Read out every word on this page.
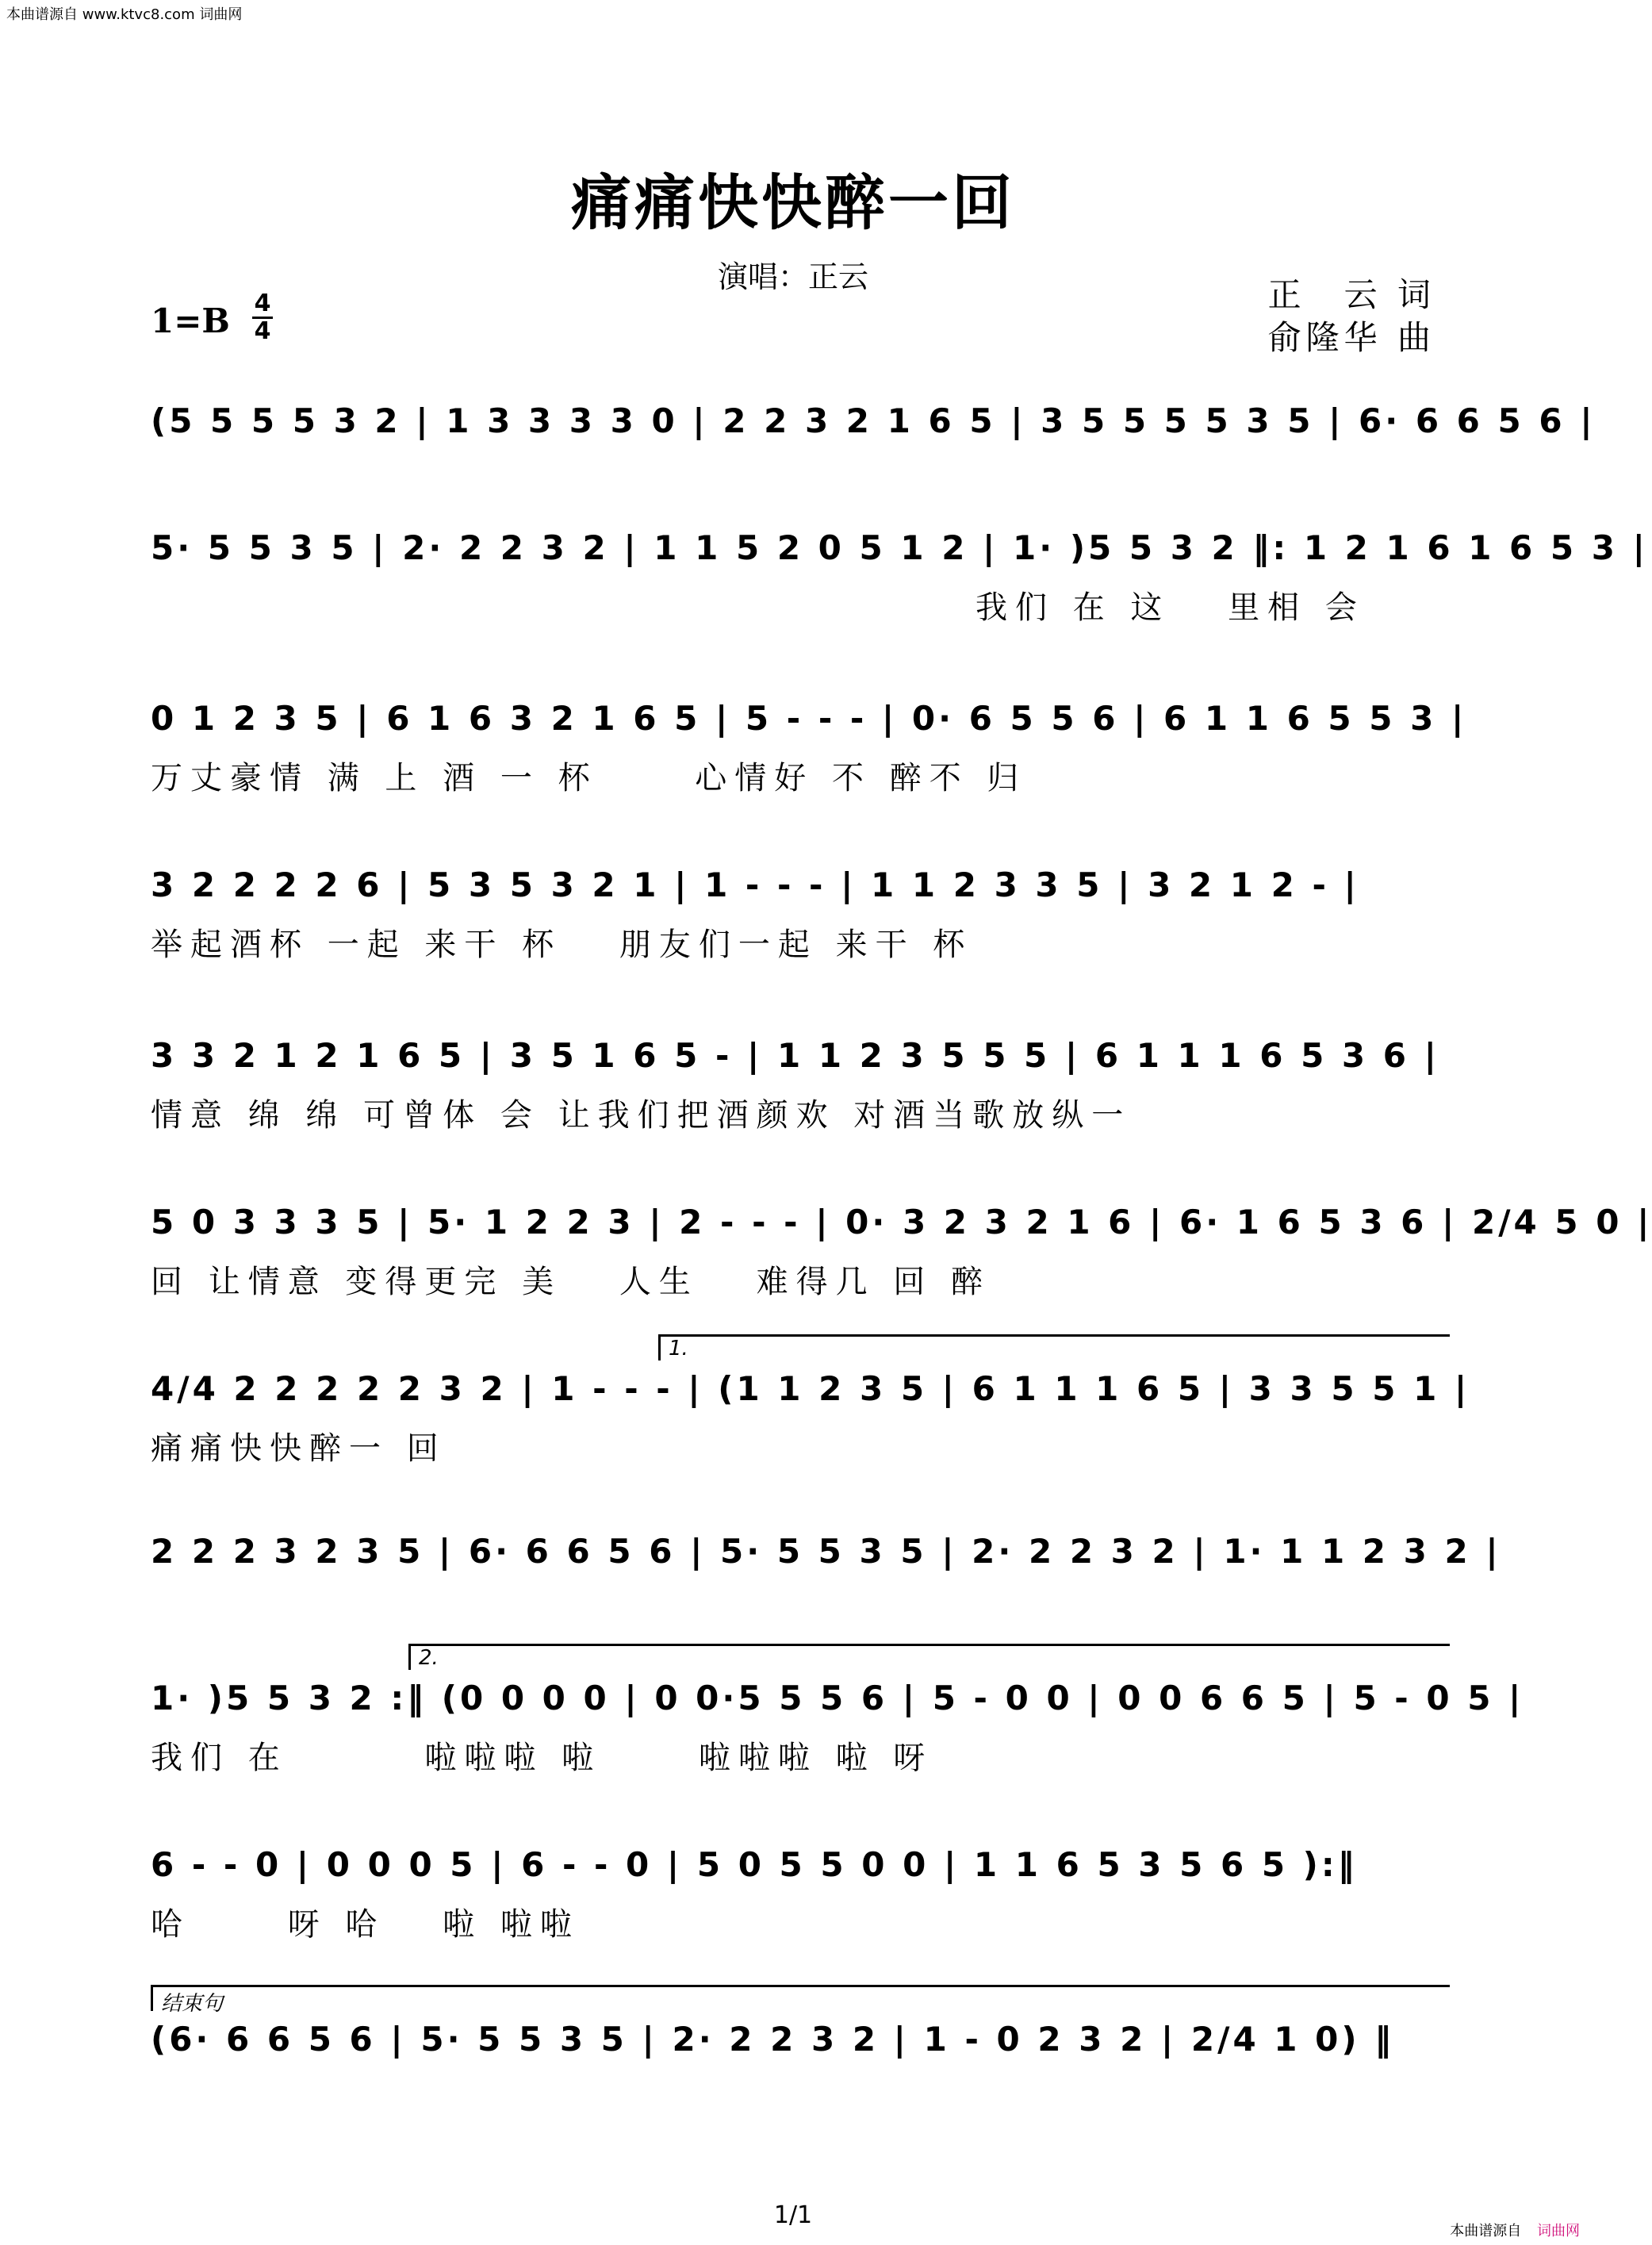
本曲谱源自 www.ktvc8.com 词曲网
痛痛快快醉一回
演唱：正云	正　云 词
俞隆华 曲
1=B 4
4
(5 5 5 5 3 2 | 1 3 3 3 3 0 | 2 2 3 2 1 6 5 | 3 5 5 5 5 3 5 | 6· 6 6 5 6 |
5· 5 5 3 5 | 2· 2 2 3 2 | 1 1 5 2 0 5 1 2 | 1· )5 5 3 2 ‖: 1 2 1 6 1 6 5 3 |
我们 在 这　 里相 会
0 1 2 3 5 | 6 1 6 3 2 1 6 5 | 5 - - - | 0· 6 5 5 6 | 6 1 1 6 5 5 3 |
万丈豪情 满 上 酒 一 杯　　 心情好 不 醉不 归
3 2 2 2 2 6 | 5 3 5 3 2 1 | 1 - - - | 1 1 2 3 3 5 | 3 2 1 2 - |
举起酒杯 一起 来干 杯　 朋友们一起 来干 杯
3 3 2 1 2 1 6 5 | 3 5 1 6 5 - | 1 1 2 3 5 5 5 | 6 1 1 1 6 5 3 6 |
情意 绵 绵 可曾体 会 让我们把酒颜欢 对酒当歌放纵一
5 0 3 3 3 5 | 5· 1 2 2 3 | 2 - - - | 0· 3 2 3 2 1 6 | 6· 1 6 5 3 6 | 2/4 5 0 |
回 让情意 变得更完 美　 人生　 难得几 回 醉
1.
4/4 2 2 2 2 2 3 2 | 1 - - - | (1 1 2 3 5 | 6 1 1 1 6 5 | 3 3 5 5 1 |
痛痛快快醉一 回
2 2 2 3 2 3 5 | 6· 6 6 5 6 | 5· 5 5 3 5 | 2· 2 2 3 2 | 1· 1 1 2 3 2 |
2.
1· )5 5 3 2 :‖ (0 0 0 0 | 0 0·5 5 5 6 | 5 - 0 0 | 0 0 6 6 5 | 5 - 0 5 |
我们 在　　　 啦啦啦 啦　　 啦啦啦 啦 呀
6 - - 0 | 0 0 0 5 | 6 - - 0 | 5 0 5 5 0 0 | 1 1 6 5 3 5 6 5 ):‖
哈　　 呀 哈　 啦 啦啦
结束句
(6· 6 6 5 6 | 5· 5 5 3 5 | 2· 2 2 3 2 | 1 - 0 2 3 2 | 2/4 1 0) ‖
1/1
本曲谱源自 词曲网
